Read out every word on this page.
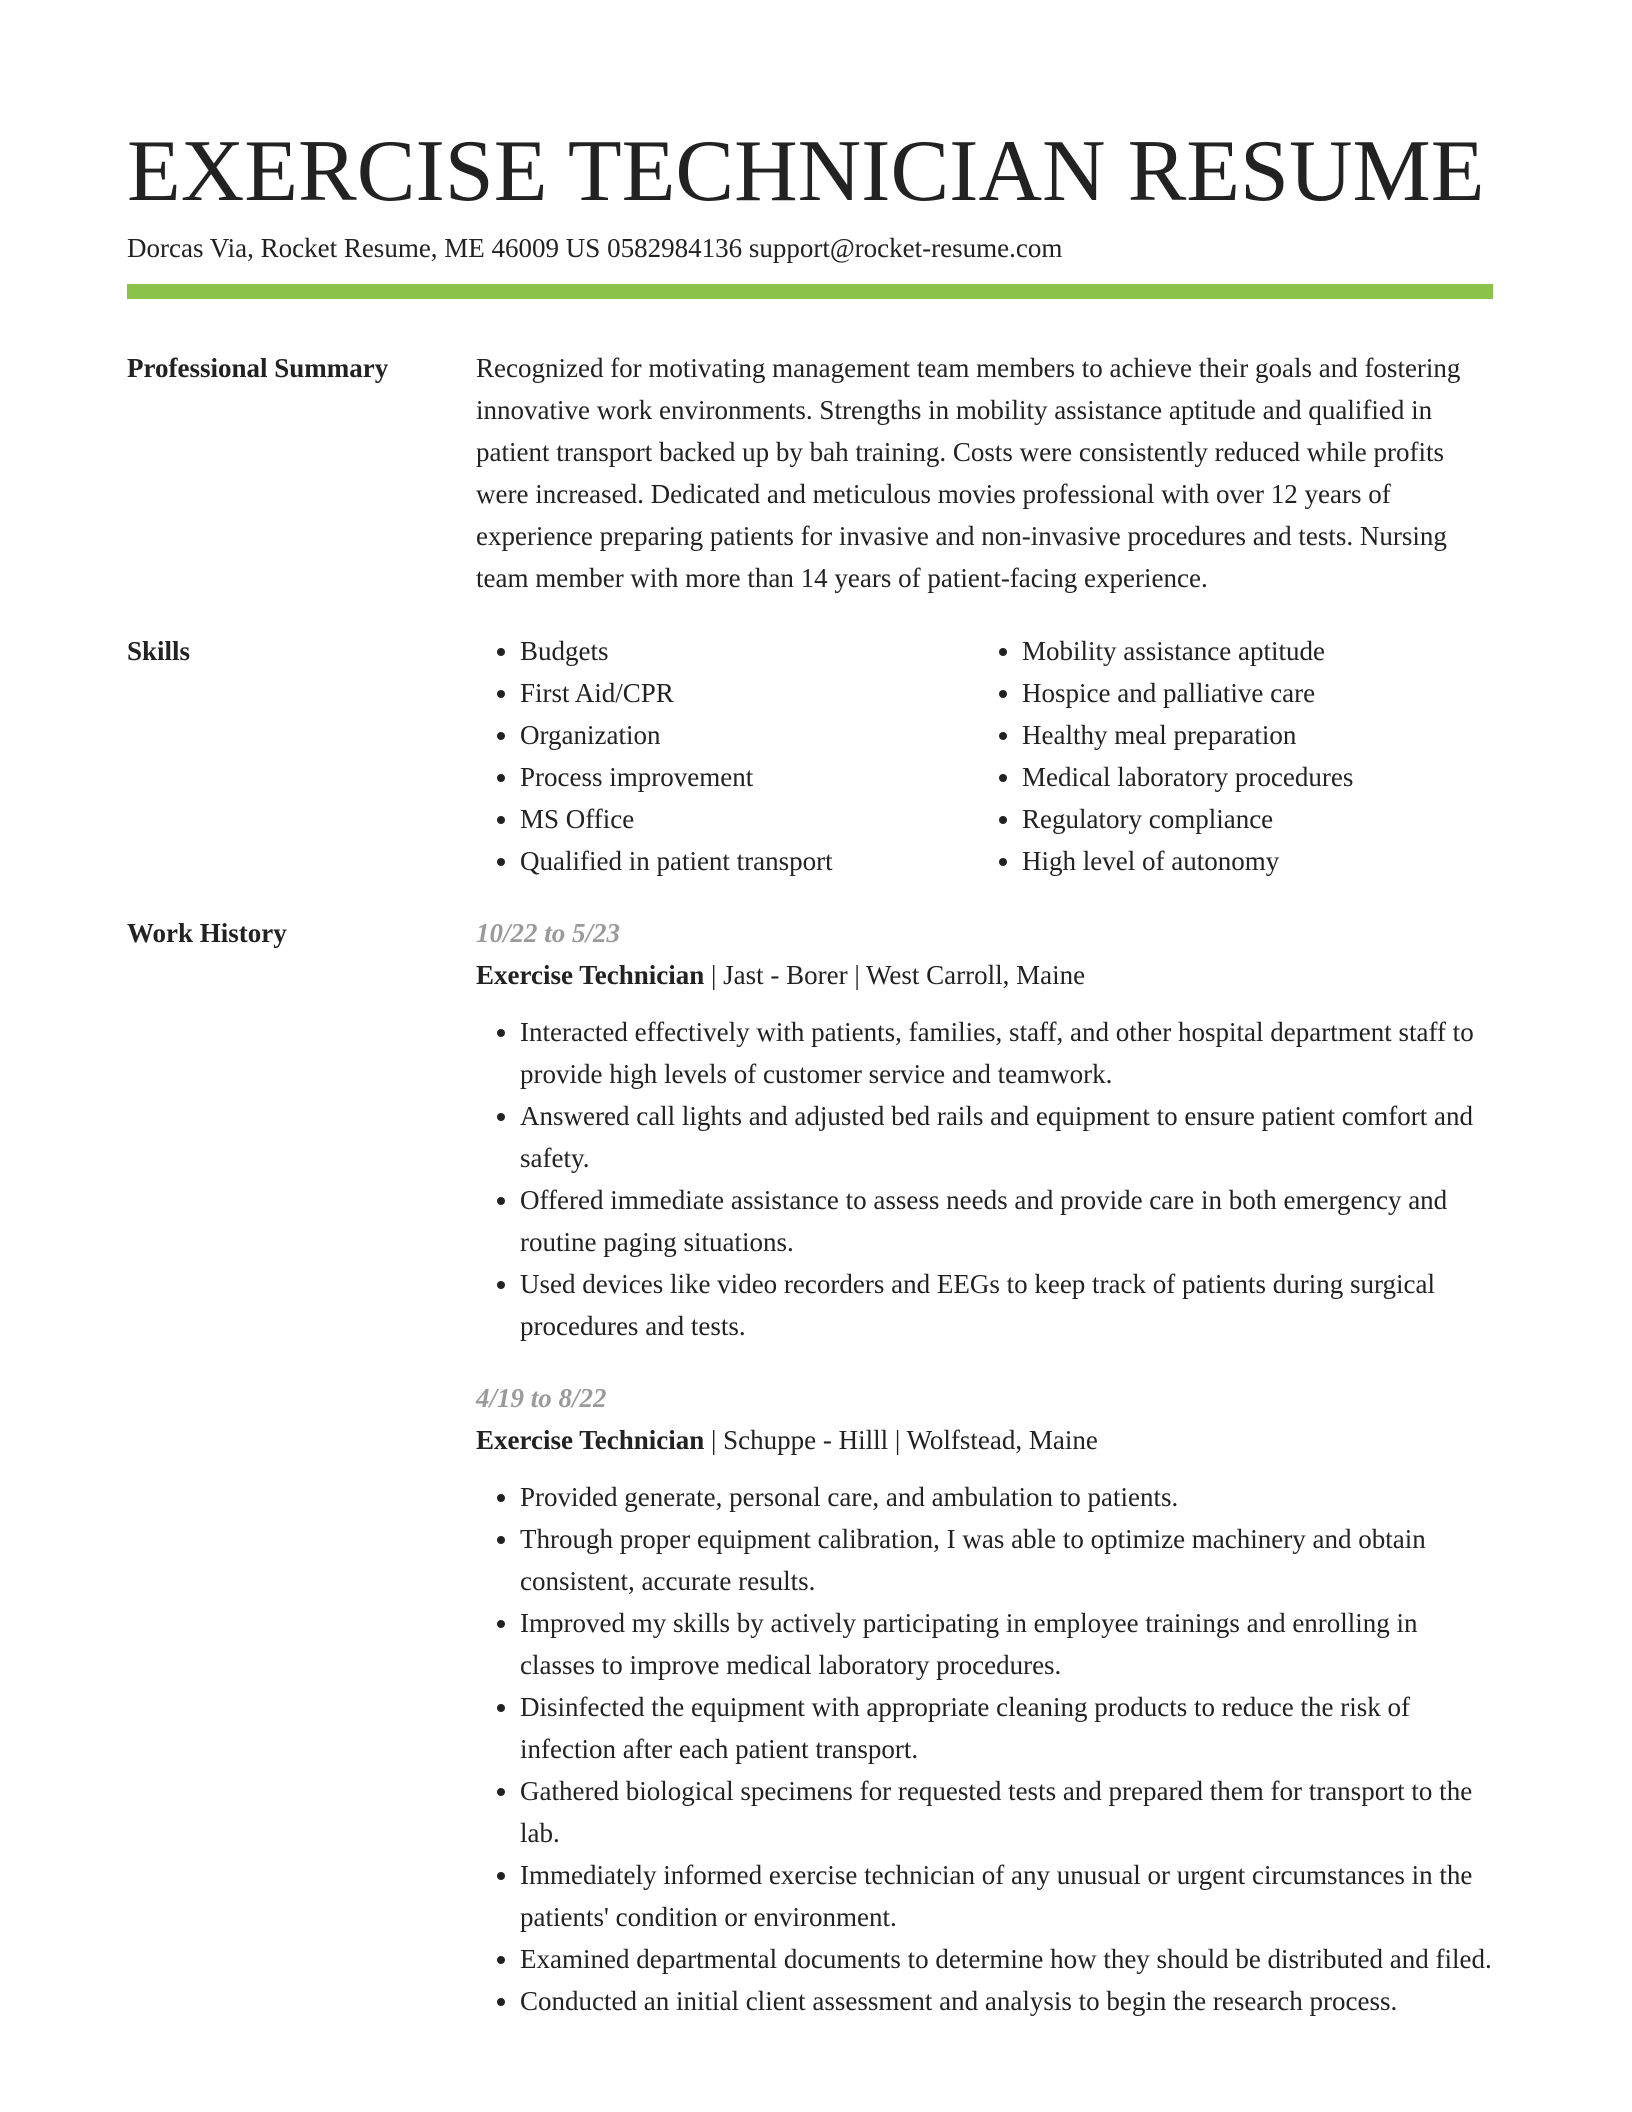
EXERCISE TECHNICIAN RESUME
Dorcas Via, Rocket Resume, ME 46009 US 0582984136 support@rocket-resume.com
Professional Summary	Recognized for motivating management team members to achieve their goals and fostering innovative work environments. Strengths in mobility assistance aptitude and qualified in patient transport backed up by bah training. Costs were consistently reduced while profits were increased. Dedicated and meticulous movies professional with over 12 years of experience preparing patients for invasive and non-invasive procedures and tests. Nursing team member with more than 14 years of patient-facing experience.

Skills
•	Budgets
• First Aid/CPR
• Organization
• Process improvement
• MS Office
• Qualified in patient transport
• Mobility assistance aptitude
• Hospice and palliative care
• Healthy meal preparation
• Medical laboratory procedures
• Regulatory compliance
• High level of autonomy
Work History	10/22 to 5/23
Exercise Technician | Jast - Borer | West Carroll, Maine
• Interacted effectively with patients, families, staff, and other hospital department staff to provide high levels of customer service and teamwork.
• Answered call lights and adjusted bed rails and equipment to ensure patient comfort and safety.
• Offered immediate assistance to assess needs and provide care in both emergency and routine paging situations.
• Used devices like video recorders and EEGs to keep track of patients during surgical procedures and tests.
4/19 to 8/22
Exercise Technician | Schuppe - Hilll | Wolfstead, Maine
• Provided generate, personal care, and ambulation to patients.
• Through proper equipment calibration, I was able to optimize machinery and obtain consistent, accurate results.
• Improved my skills by actively participating in employee trainings and enrolling in classes to improve medical laboratory procedures.
• Disinfected the equipment with appropriate cleaning products to reduce the risk of infection after each patient transport.
• Gathered biological specimens for requested tests and prepared them for transport to the lab.
• Immediately informed exercise technician of any unusual or urgent circumstances in the patients' condition or environment.
• Examined departmental documents to determine how they should be distributed and filed.
• Conducted an initial client assessment and analysis to begin the research process.
